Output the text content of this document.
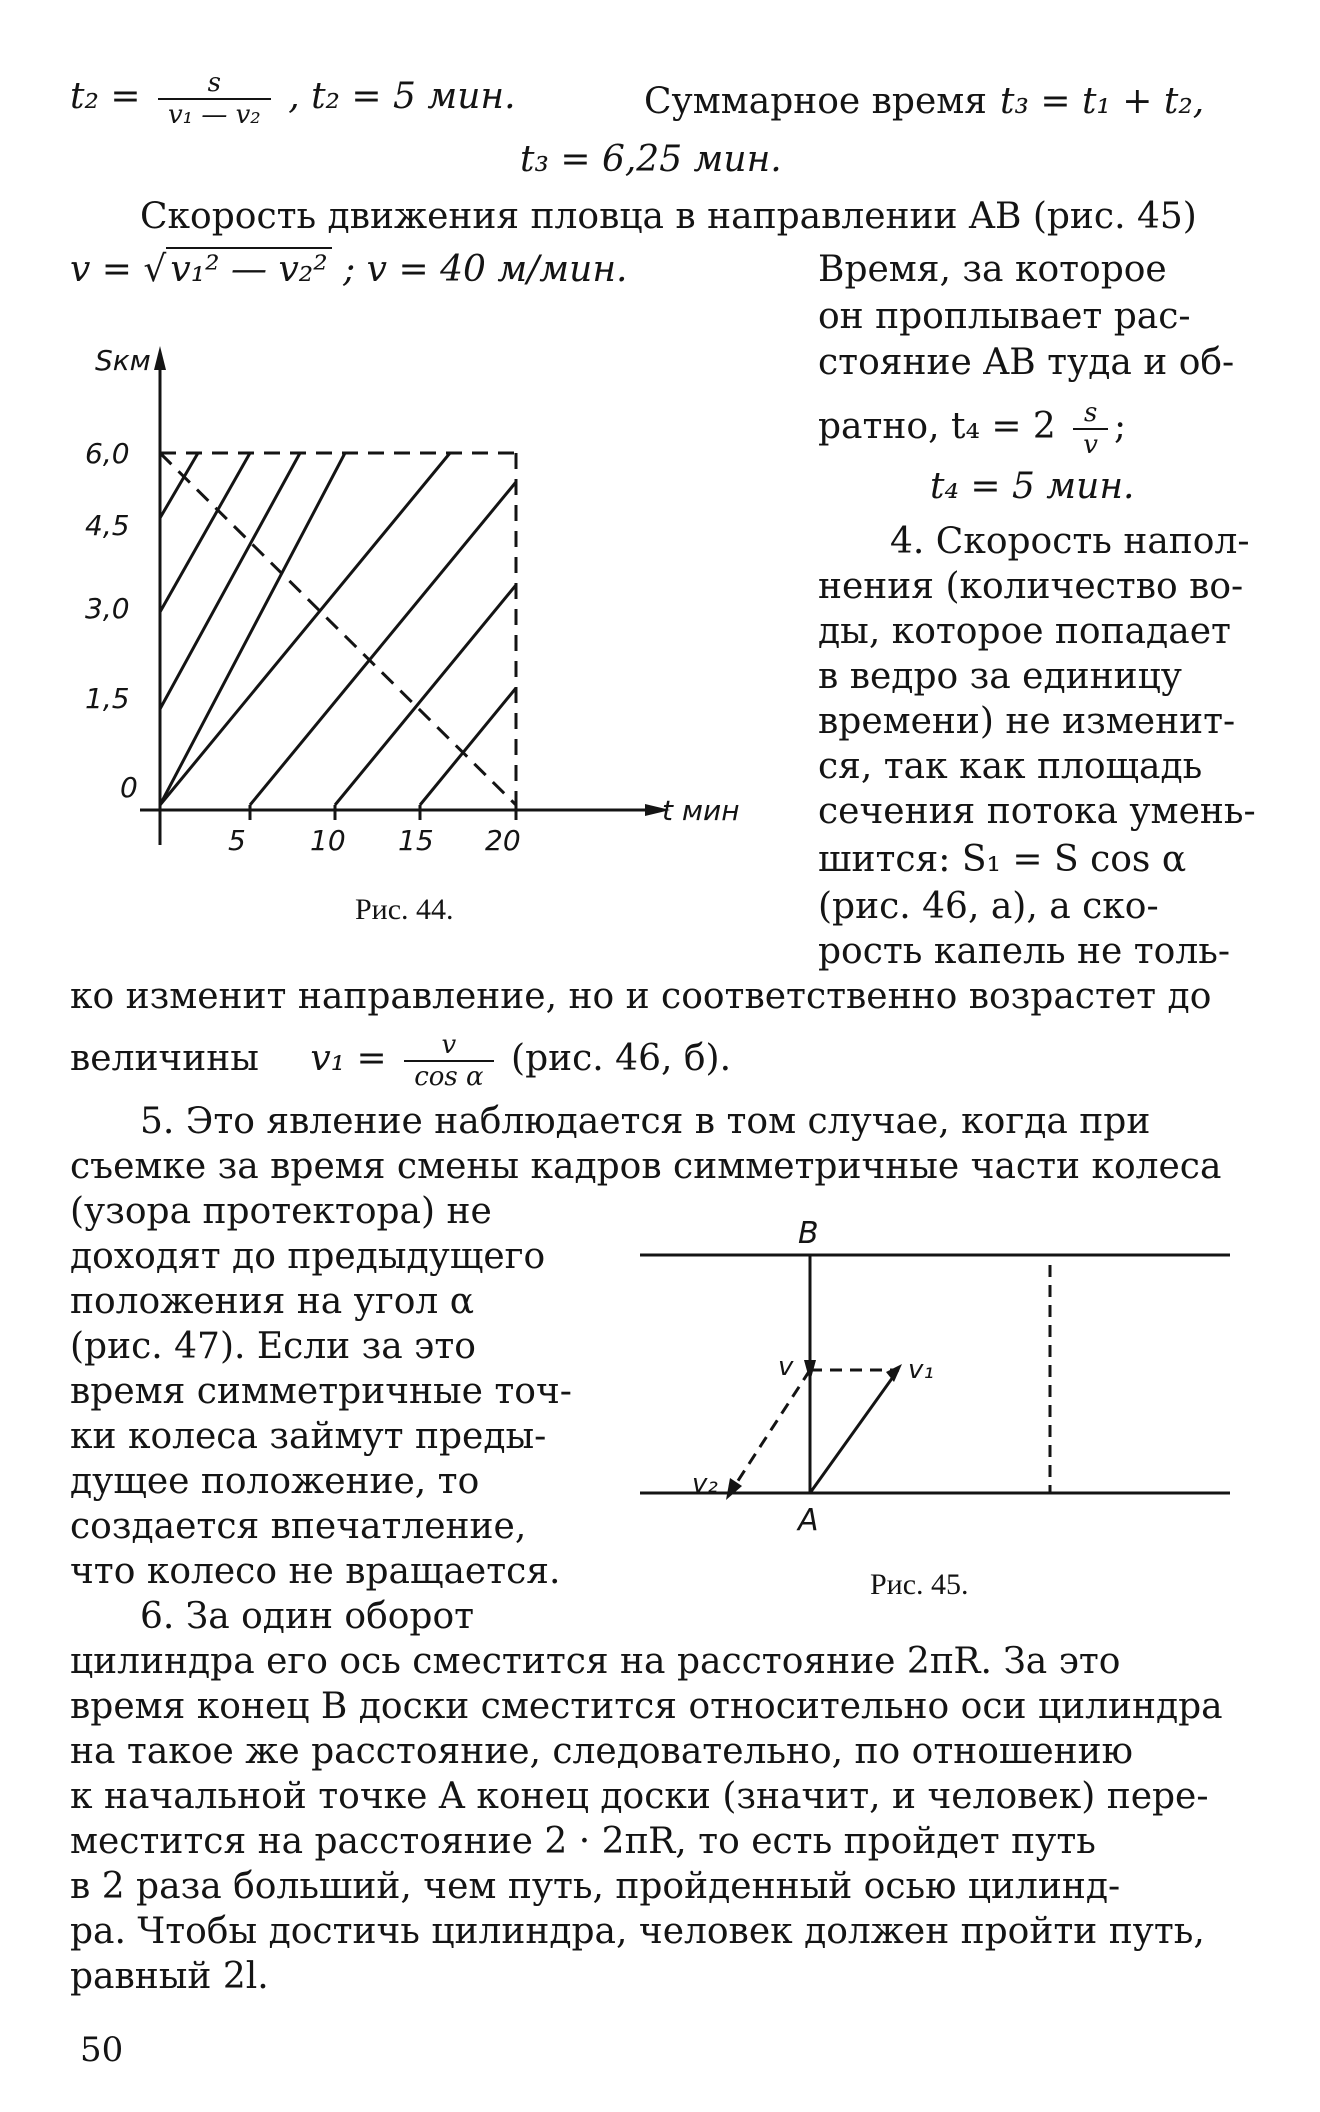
$t_2 = \frac{s}{\text{v₁ — v₂}}$ , t₂ = 5 мин.	Суммарное время t₃ = t₁ + t₂,
t₃ = 6,25 мин.
Скорость движения пловца в направлении AB (рис. 45)
v = √ v₁² — v₂² ; v = 40 м/мин.	Время, за которое
он проплывает рас-
стояние AB туда и об-
ратно, $t_4 = 2 \frac{s}{v}$ ;
t₄ = 5 мин.
4. Скорость напол-
нения (количество во-
ды, которое попадает
в ведро за единицу
времени) не изменит-
ся, так как площадь
сечения потока умень-
шится: S₁ = S cos α
(рис. 46, а), а ско-
рость капель не толь-
Sкм
6,0
4,5
3,0
1,5
0
5 10 15 20
t мин
Рис. 44.
ко изменит направление, но и соответственно возрастет до
величины $v_1 = \frac{v}{\text{cos α}} (рис$. 46, б).
5. Это явление наблюдается в том случае, когда при
съемке за время смены кадров симметричные части колеса
(узора протектора) не
доходят до предыдущего
положения на угол α
(рис. 47). Если за это
время симметричные точ-
ки колеса займут преды-
дущее положение, то
создается впечатление,
что колесо не вращается.
6. За один оборот
B
A
v	v₁
v₂
Рис. 45.
цилиндра его ось сместится на расстояние 2πR. За это
время конец B доски сместится относительно оси цилиндра
на такое же расстояние, следовательно, по отношению
к начальной точке A конец доски (значит, и человек) пере-
местится на расстояние 2 · 2πR, то есть пройдет путь
в 2 раза больший, чем путь, пройденный осью цилинд-
ра. Чтобы достичь цилиндра, человек должен пройти путь,
равный 2l.
50
